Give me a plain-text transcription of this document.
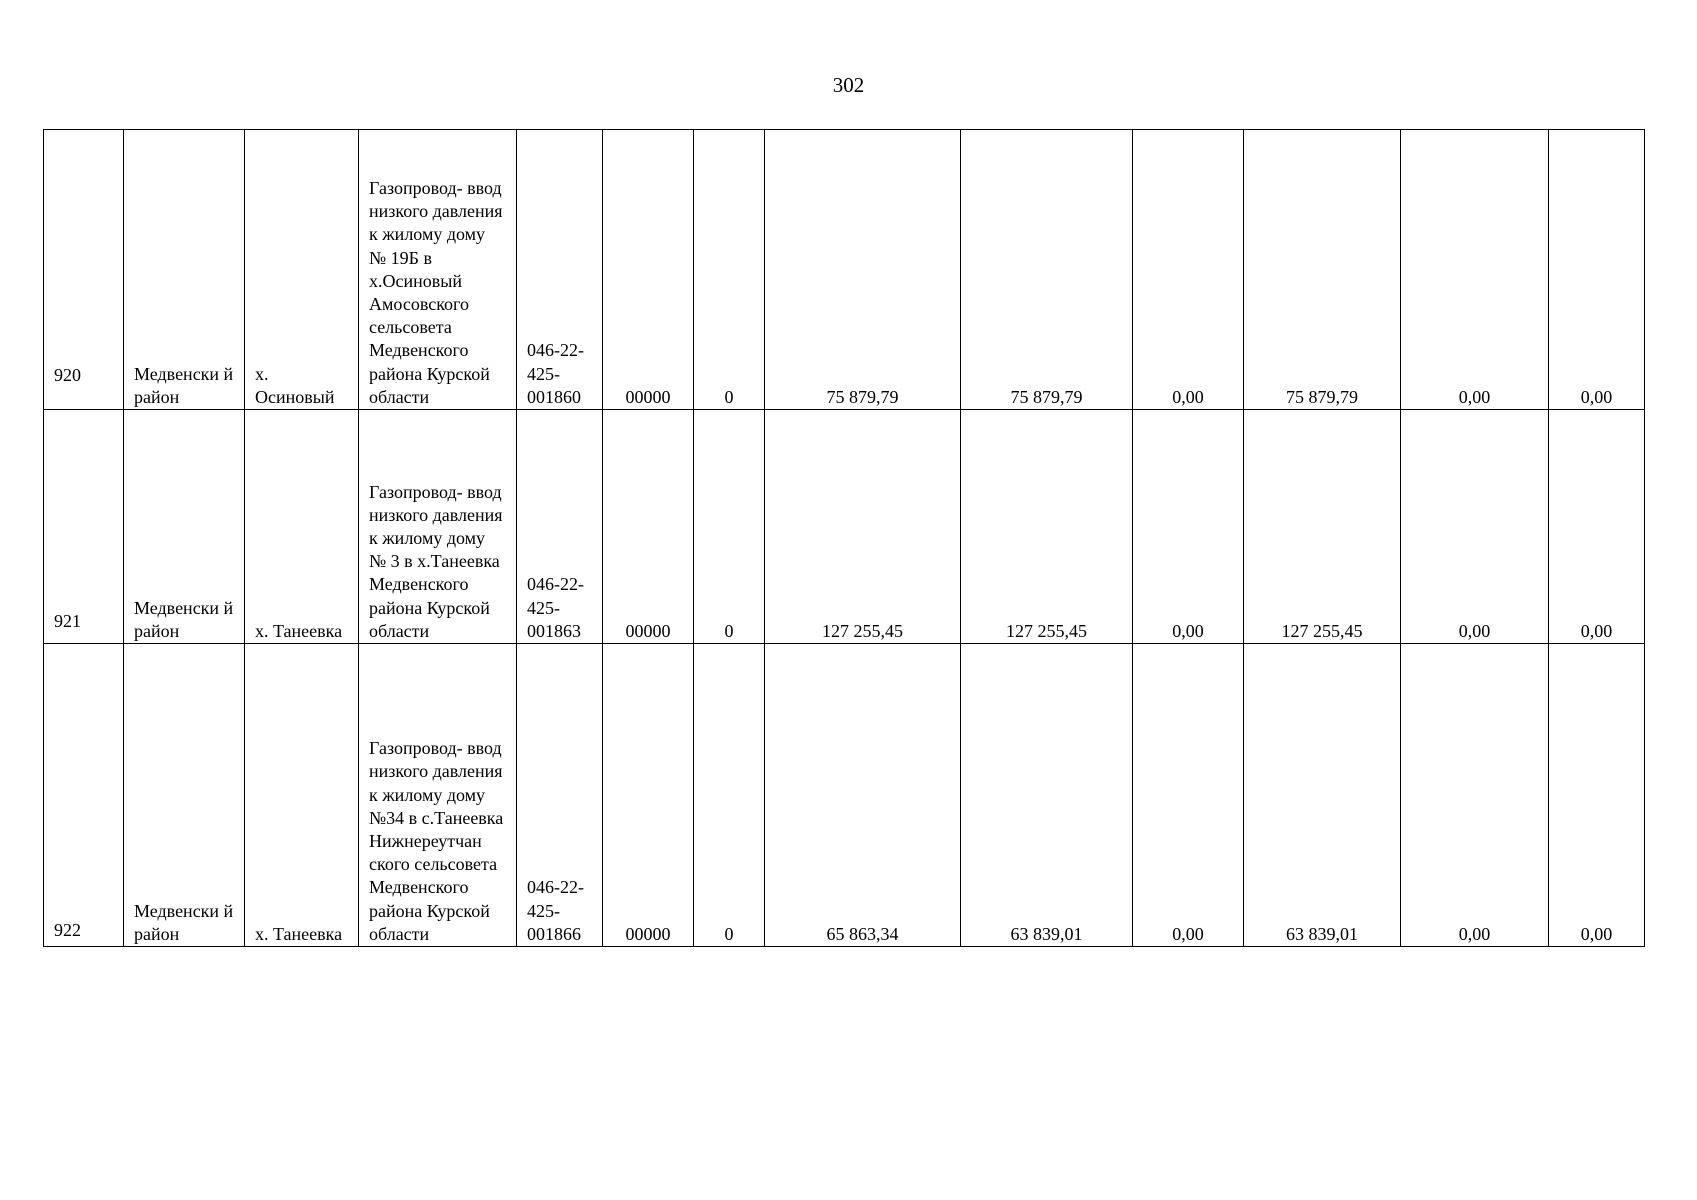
302
920	Медвенски й район	х. Осиновый	Газопровод- ввод низкого давления к жилому дому № 19Б в х.Осиновый Амосовского сельсовета Медвенского района Курской области	046-22- 425- 001860	00000	0	75 879,79	75 879,79	0,00	75 879,79	0,00	0,00
921	Медвенски й район	х. Танеевка	Газопровод- ввод низкого давления к жилому дому № 3 в х.Танеевка Медвенского района Курской области	046-22- 425- 001863	00000	0	127 255,45	127 255,45	0,00	127 255,45	0,00	0,00
922	Медвенски й район	х. Танеевка	Газопровод- ввод низкого давления к жилому дому №34 в с.Танеевка Нижнереутчан ского сельсовета Медвенского района Курской области	046-22- 425- 001866	00000	0	65 863,34	63 839,01	0,00	63 839,01	0,00	0,00
